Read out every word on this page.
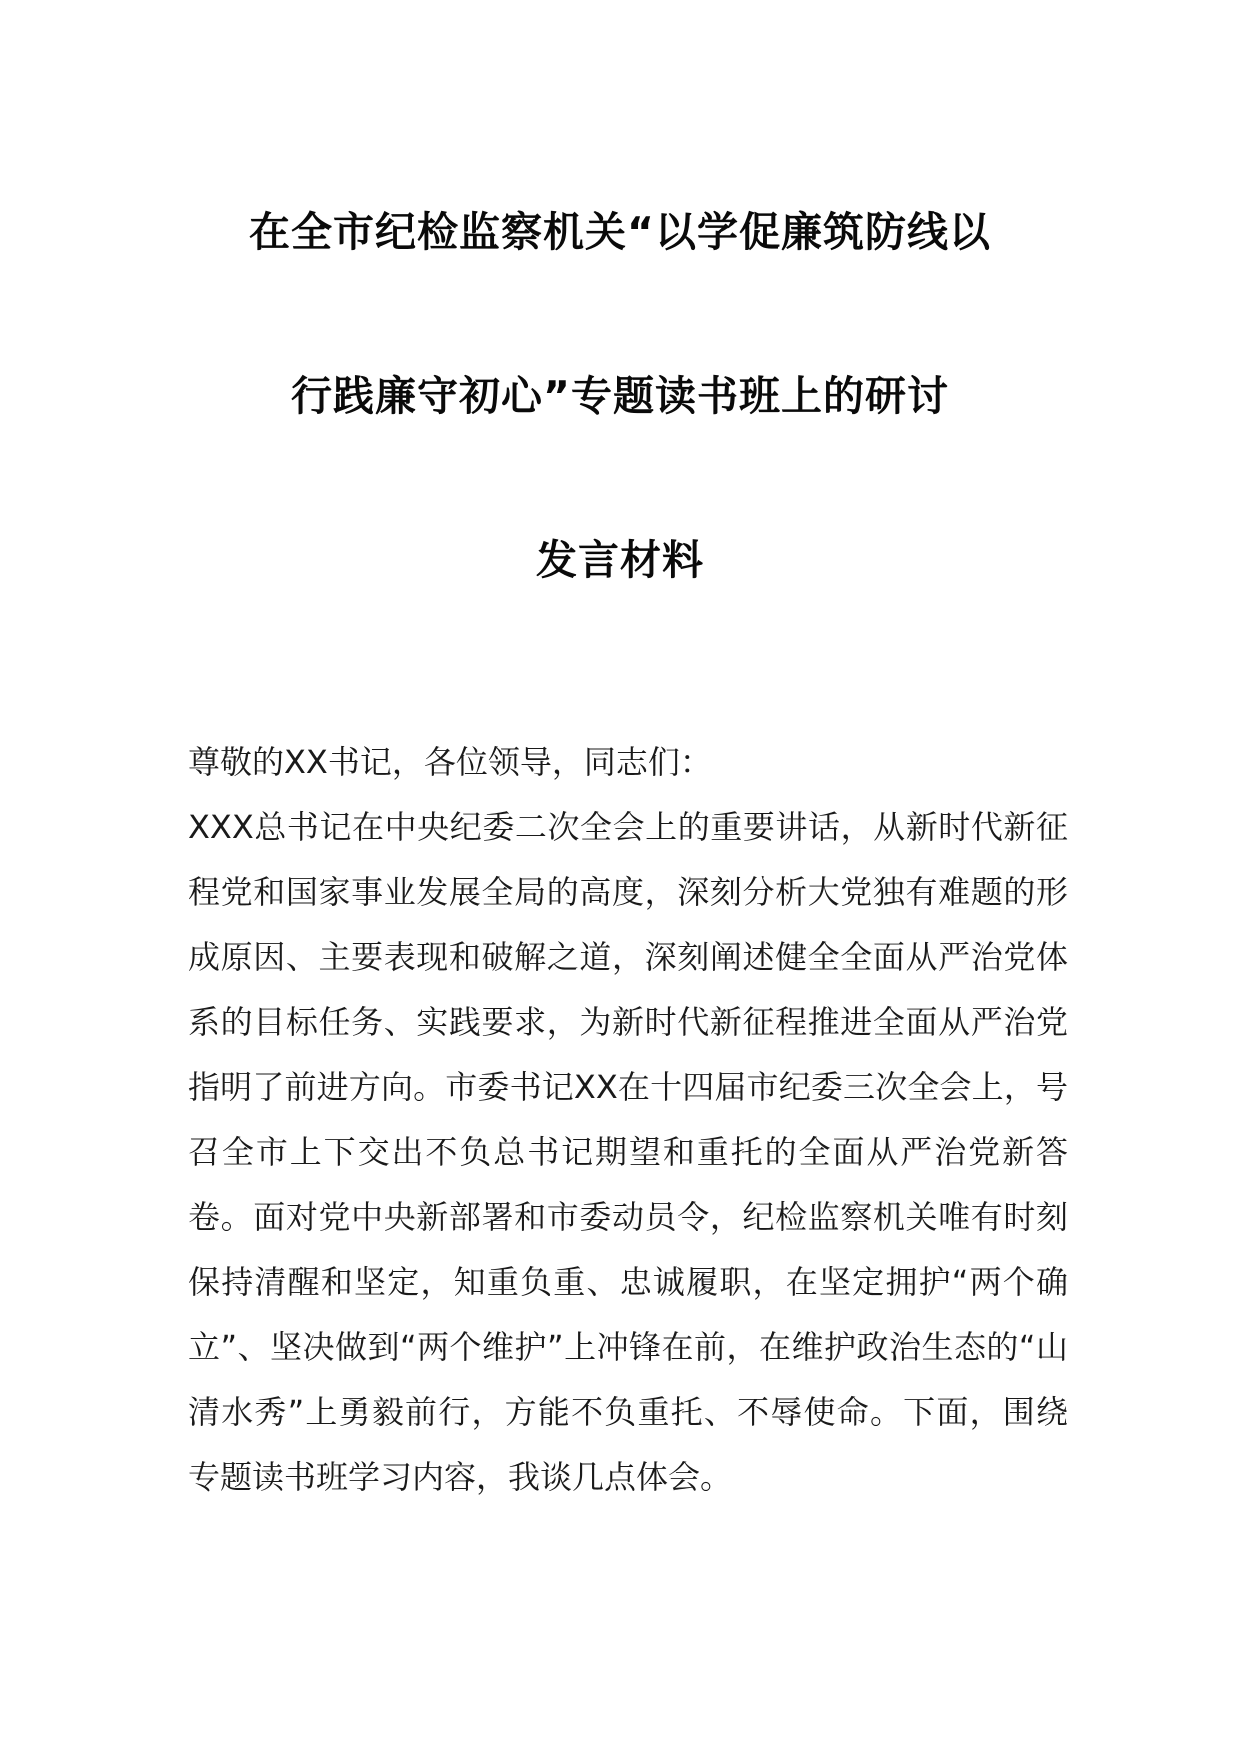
在全市纪检监察机关“以学促廉筑防线以
行践廉守初心”专题读书班上的研讨
发言材料

尊敬的XX书记，各位领导，同志们：

XXX总书记在中央纪委二次全会上的重要讲话，从新时代新征程党和国家事业发展全局的高度，深刻分析大党独有难题的形成原因、主要表现和破解之道，深刻阐述健全全面从严治党体系的目标任务、实践要求，为新时代新征程推进全面从严治党指明了前进方向。市委书记XX在十四届市纪委三次全会上，号召全市上下交出不负总书记期望和重托的全面从严治党新答卷。面对党中央新部署和市委动员令，纪检监察机关唯有时刻保持清醒和坚定，知重负重、忠诚履职，在坚定拥护“两个确立”、坚决做到“两个维护”上冲锋在前，在维护政治生态的“山清水秀”上勇毅前行，方能不负重托、不辱使命。下面，围绕专题读书班学习内容，我谈几点体会。
